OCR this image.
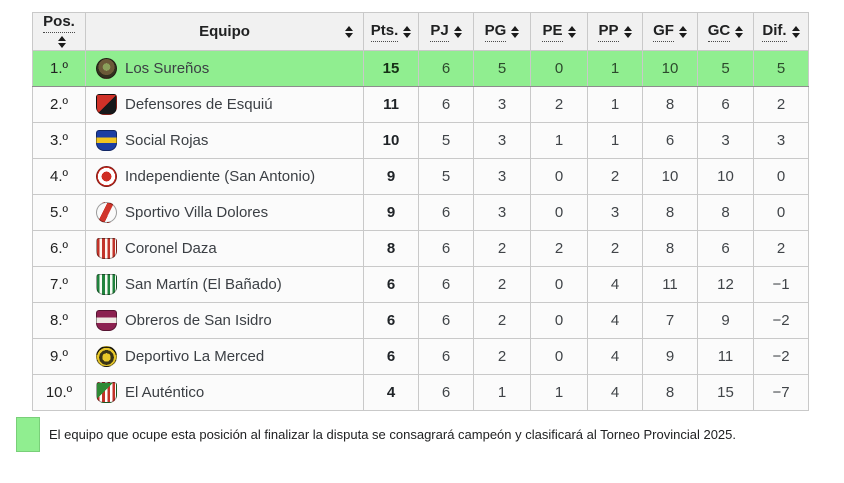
Pos.	Equipo	Pts.	PJ	PG	PE	PP	GF	GC	Dif.

1.º	Los Sureños	15	6	5	0	1	10	5	5
2.º	Defensores de Esquiú	11	6	3	2	1	8	6	2
3.º	Social Rojas	10	5	3	1	1	6	3	3
4.º	Independiente (San Antonio)	9	5	3	0	2	10	10	0
5.º	Sportivo Villa Dolores	9	6	3	0	3	8	8	0
6.º	Coronel Daza	8	6	2	2	2	8	6	2
7.º	San Martín (El Bañado)	6	6	2	0	4	11	12	−1
8.º	Obreros de San Isidro	6	6	2	0	4	7	9	−2
9.º	Deportivo La Merced	6	6	2	0	4	9	11	−2
10.º	El Auténtico	4	6	1	1	4	8	15	−7
El equipo que ocupe esta posición al finalizar la disputa se consagrará campeón y clasificará al Torneo Provincial 2025.
